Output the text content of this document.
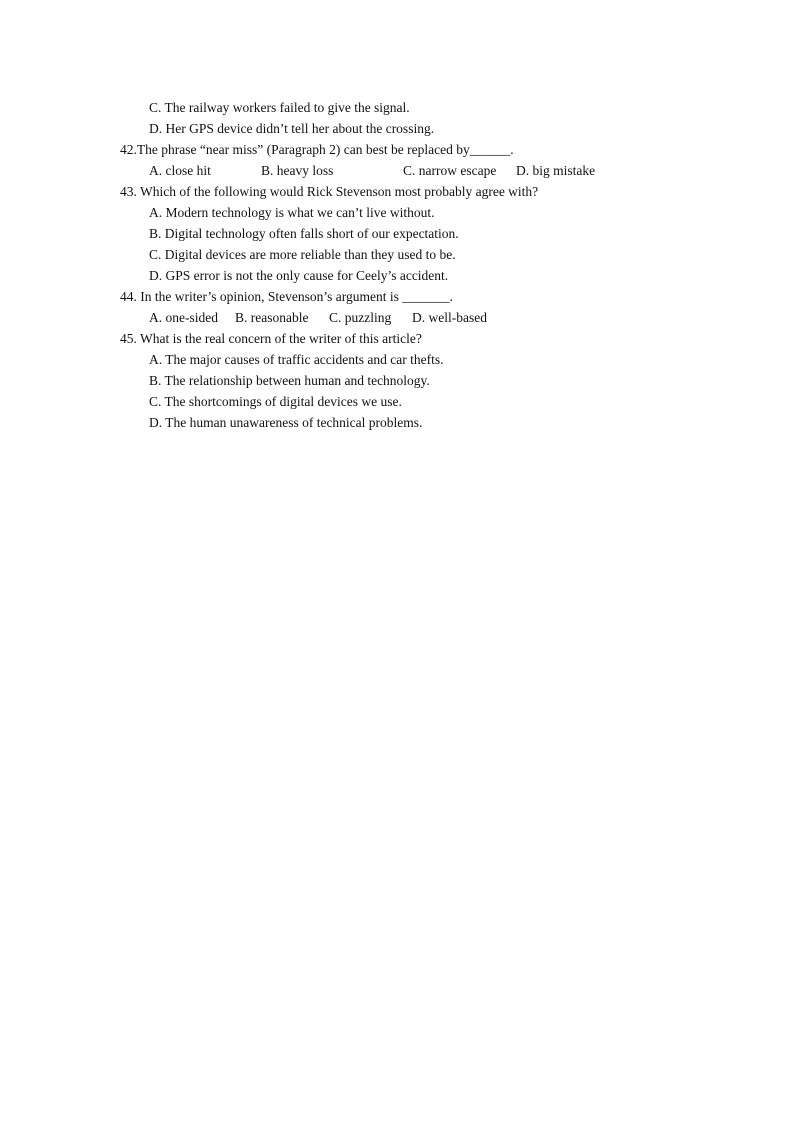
C. The railway workers failed to give the signal.
D. Her GPS device didn’t tell her about the crossing.
42.The phrase “near miss” (Paragraph 2) can best be replaced by______.
A. close hit	B. heavy loss	C. narrow escape D. big mistake
43. Which of the following would Rick Stevenson most probably agree with?
A. Modern technology is what we can’t live without.
B. Digital technology often falls short of our expectation.
C. Digital devices are more reliable than they used to be.
D. GPS error is not the only cause for Ceely’s accident.
44. In the writer’s opinion, Stevenson’s argument is _______.
A. one-sided B. reasonable C. puzzling D. well-based
45. What is the real concern of the writer of this article?
A. The major causes of traffic accidents and car thefts.
B. The relationship between human and technology.
C. The shortcomings of digital devices we use.
D. The human unawareness of technical problems.
